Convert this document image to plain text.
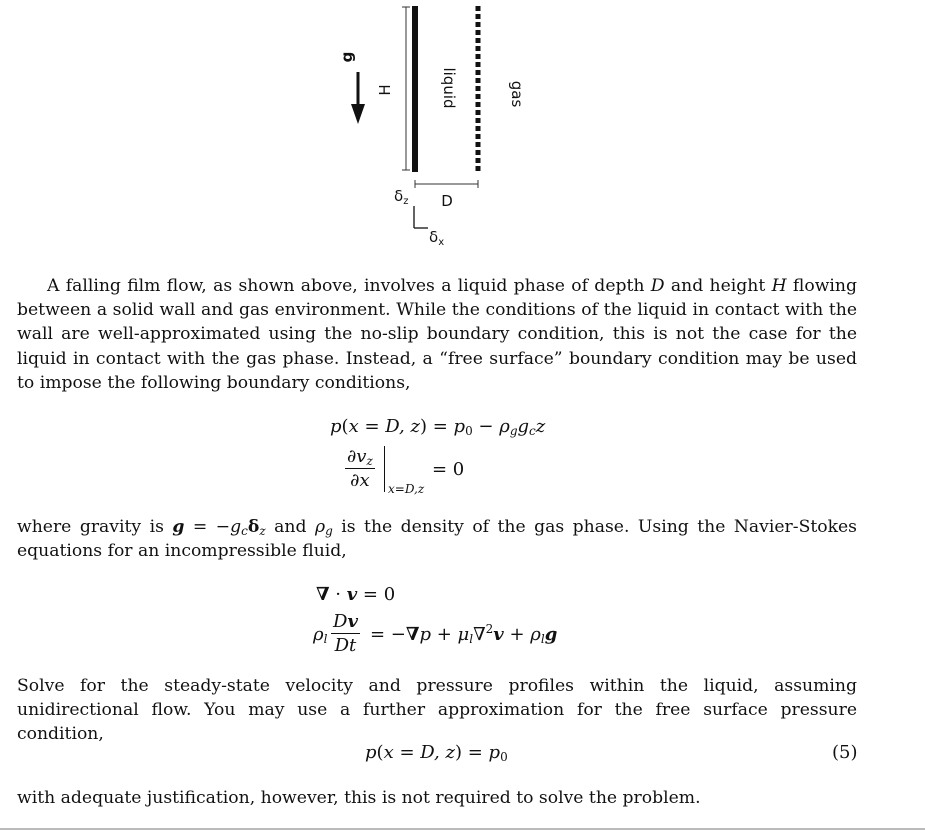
g
H	liquid	gas
D
$\delta_z$
$\delta_x$

A falling film flow, as shown above, involves a liquid phase of depth D and height H flowing between a solid wall and gas environment. While the conditions of the liquid in contact with the wall are well-approximated using the no-slip boundary condition, this is not the case for the liquid in contact with the gas phase. Instead, a “free surface” boundary condition may be used to impose the following boundary conditions,

p(x = D, $z) = p_0 - \rho_gg_cz$
$\frac{\partial v_z}{\partial x} x=D,z$
= 0

where gravity is $g = -g_c\delta_z$ and $\rho_g$ is the density of the gas phase. Using the Navier-Stokes equations for an incompressible fluid,

∇ · v = 0
$\rho_l \frac{Dv}{Dt} = -\nabla p + \mu_l\nabla^2v + \rho_lg$

Solve for the steady-state velocity and pressure profiles within the liquid, assuming unidirectional flow. You may use a further approximation for the free surface pressure condition,

p(x = D, $z) = p_0$	(5)

with adequate justification, however, this is not required to solve the problem.
